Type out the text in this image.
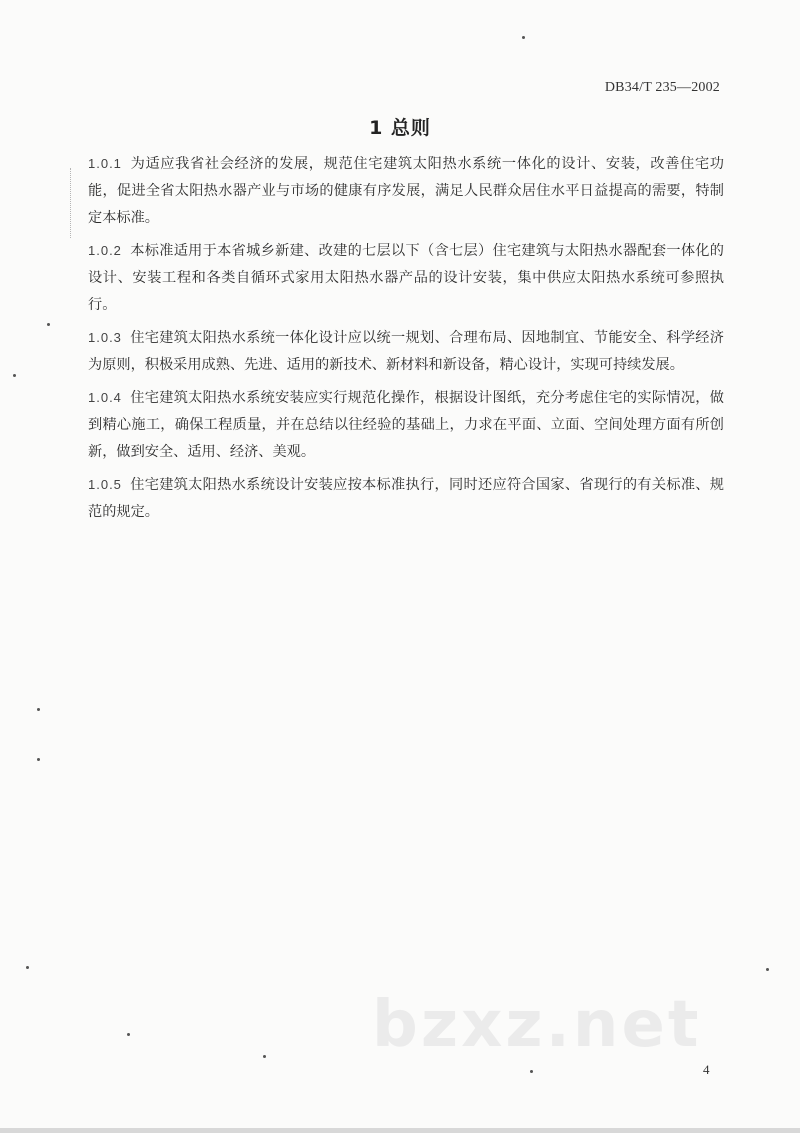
DB34/T 235—2002
1 总则

1.0.1 为适应我省社会经济的发展，规范住宅建筑太阳热水系统一体化的设计、安装，改善住宅功能，促进全省太阳热水器产业与市场的健康有序发展，满足人民群众居住水平日益提高的需要，特制定本标准。

1.0.2 本标准适用于本省城乡新建、改建的七层以下（含七层）住宅建筑与太阳热水器配套一体化的设计、安装工程和各类自循环式家用太阳热水器产品的设计安装，集中供应太阳热水系统可参照执行。

1.0.3 住宅建筑太阳热水系统一体化设计应以统一规划、合理布局、因地制宜、节能安全、科学经济为原则，积极采用成熟、先进、适用的新技术、新材料和新设备，精心设计，实现可持续发展。

1.0.4 住宅建筑太阳热水系统安装应实行规范化操作，根据设计图纸，充分考虑住宅的实际情况，做到精心施工，确保工程质量，并在总结以往经验的基础上，力求在平面、立面、空间处理方面有所创新，做到安全、适用、经济、美观。

1.0.5 住宅建筑太阳热水系统设计安装应按本标准执行，同时还应符合国家、省现行的有关标准、规范的规定。

bzxz.net
4
